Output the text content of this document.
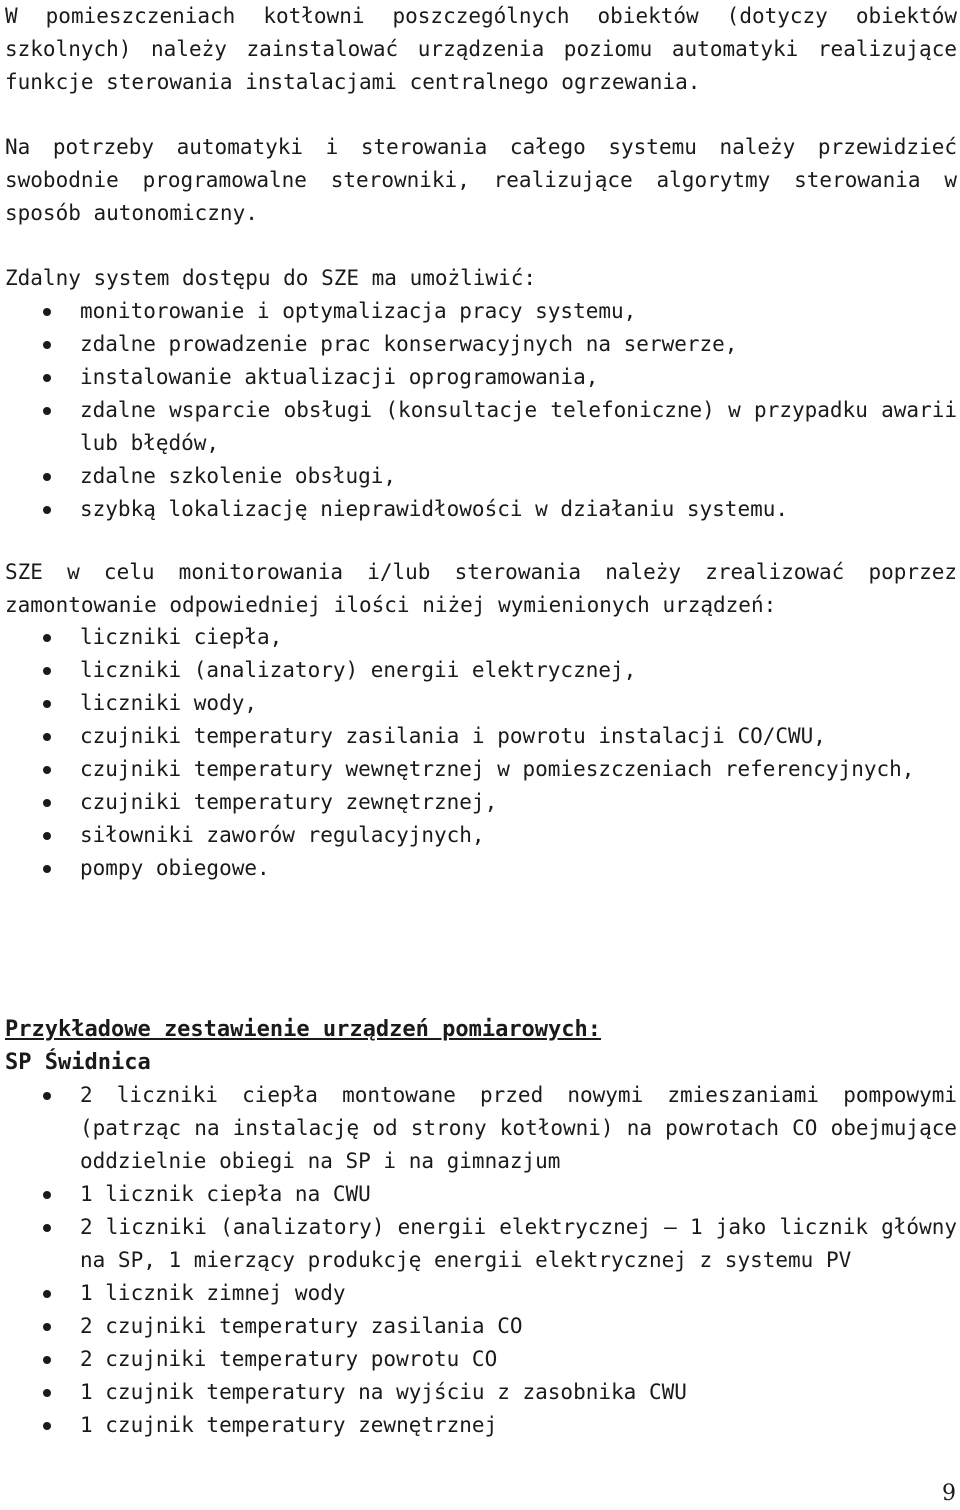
W pomieszczeniach kotłowni poszczególnych obiektów (dotyczy obiektów szkolnych) należy zainstalować urządzenia poziomu automatyki realizujące funkcje sterowania instalacjami centralnego ogrzewania.

Na potrzeby automatyki i sterowania całego systemu należy przewidzieć swobodnie programowalne sterowniki, realizujące algorytmy sterowania w sposób autonomiczny.

Zdalny system dostępu do SZE ma umożliwić:

monitorowanie i optymalizacja pracy systemu,
zdalne prowadzenie prac konserwacyjnych na serwerze,
instalowanie aktualizacji oprogramowania,
zdalne wsparcie obsługi (konsultacje telefoniczne) w przypadku awarii lub błędów,
zdalne szkolenie obsługi,
szybką lokalizację nieprawidłowości w działaniu systemu.

SZE w celu monitorowania i/lub sterowania należy zrealizować poprzez zamontowanie odpowiedniej ilości niżej wymienionych urządzeń:

liczniki ciepła,
liczniki (analizatory) energii elektrycznej,
liczniki wody,
czujniki temperatury zasilania i powrotu instalacji CO/CWU,
czujniki temperatury wewnętrznej w pomieszczeniach referencyjnych,
czujniki temperatury zewnętrznej,
siłowniki zaworów regulacyjnych,
pompy obiegowe.
Przykładowe zestawienie urządzeń pomiarowych:
SP Świdnica
2 liczniki ciepła montowane przed nowymi zmieszaniami pompowymi (patrząc na instalację od strony kotłowni) na powrotach CO obejmujące oddzielnie obiegi na SP i na gimnazjum
1 licznik ciepła na CWU
2 liczniki (analizatory) energii elektrycznej – 1 jako licznik główny na SP, 1 mierzący produkcję energii elektrycznej z systemu PV
1 licznik zimnej wody
2 czujniki temperatury zasilania CO
2 czujniki temperatury powrotu CO
1 czujnik temperatury na wyjściu z zasobnika CWU
1 czujnik temperatury zewnętrznej
9
